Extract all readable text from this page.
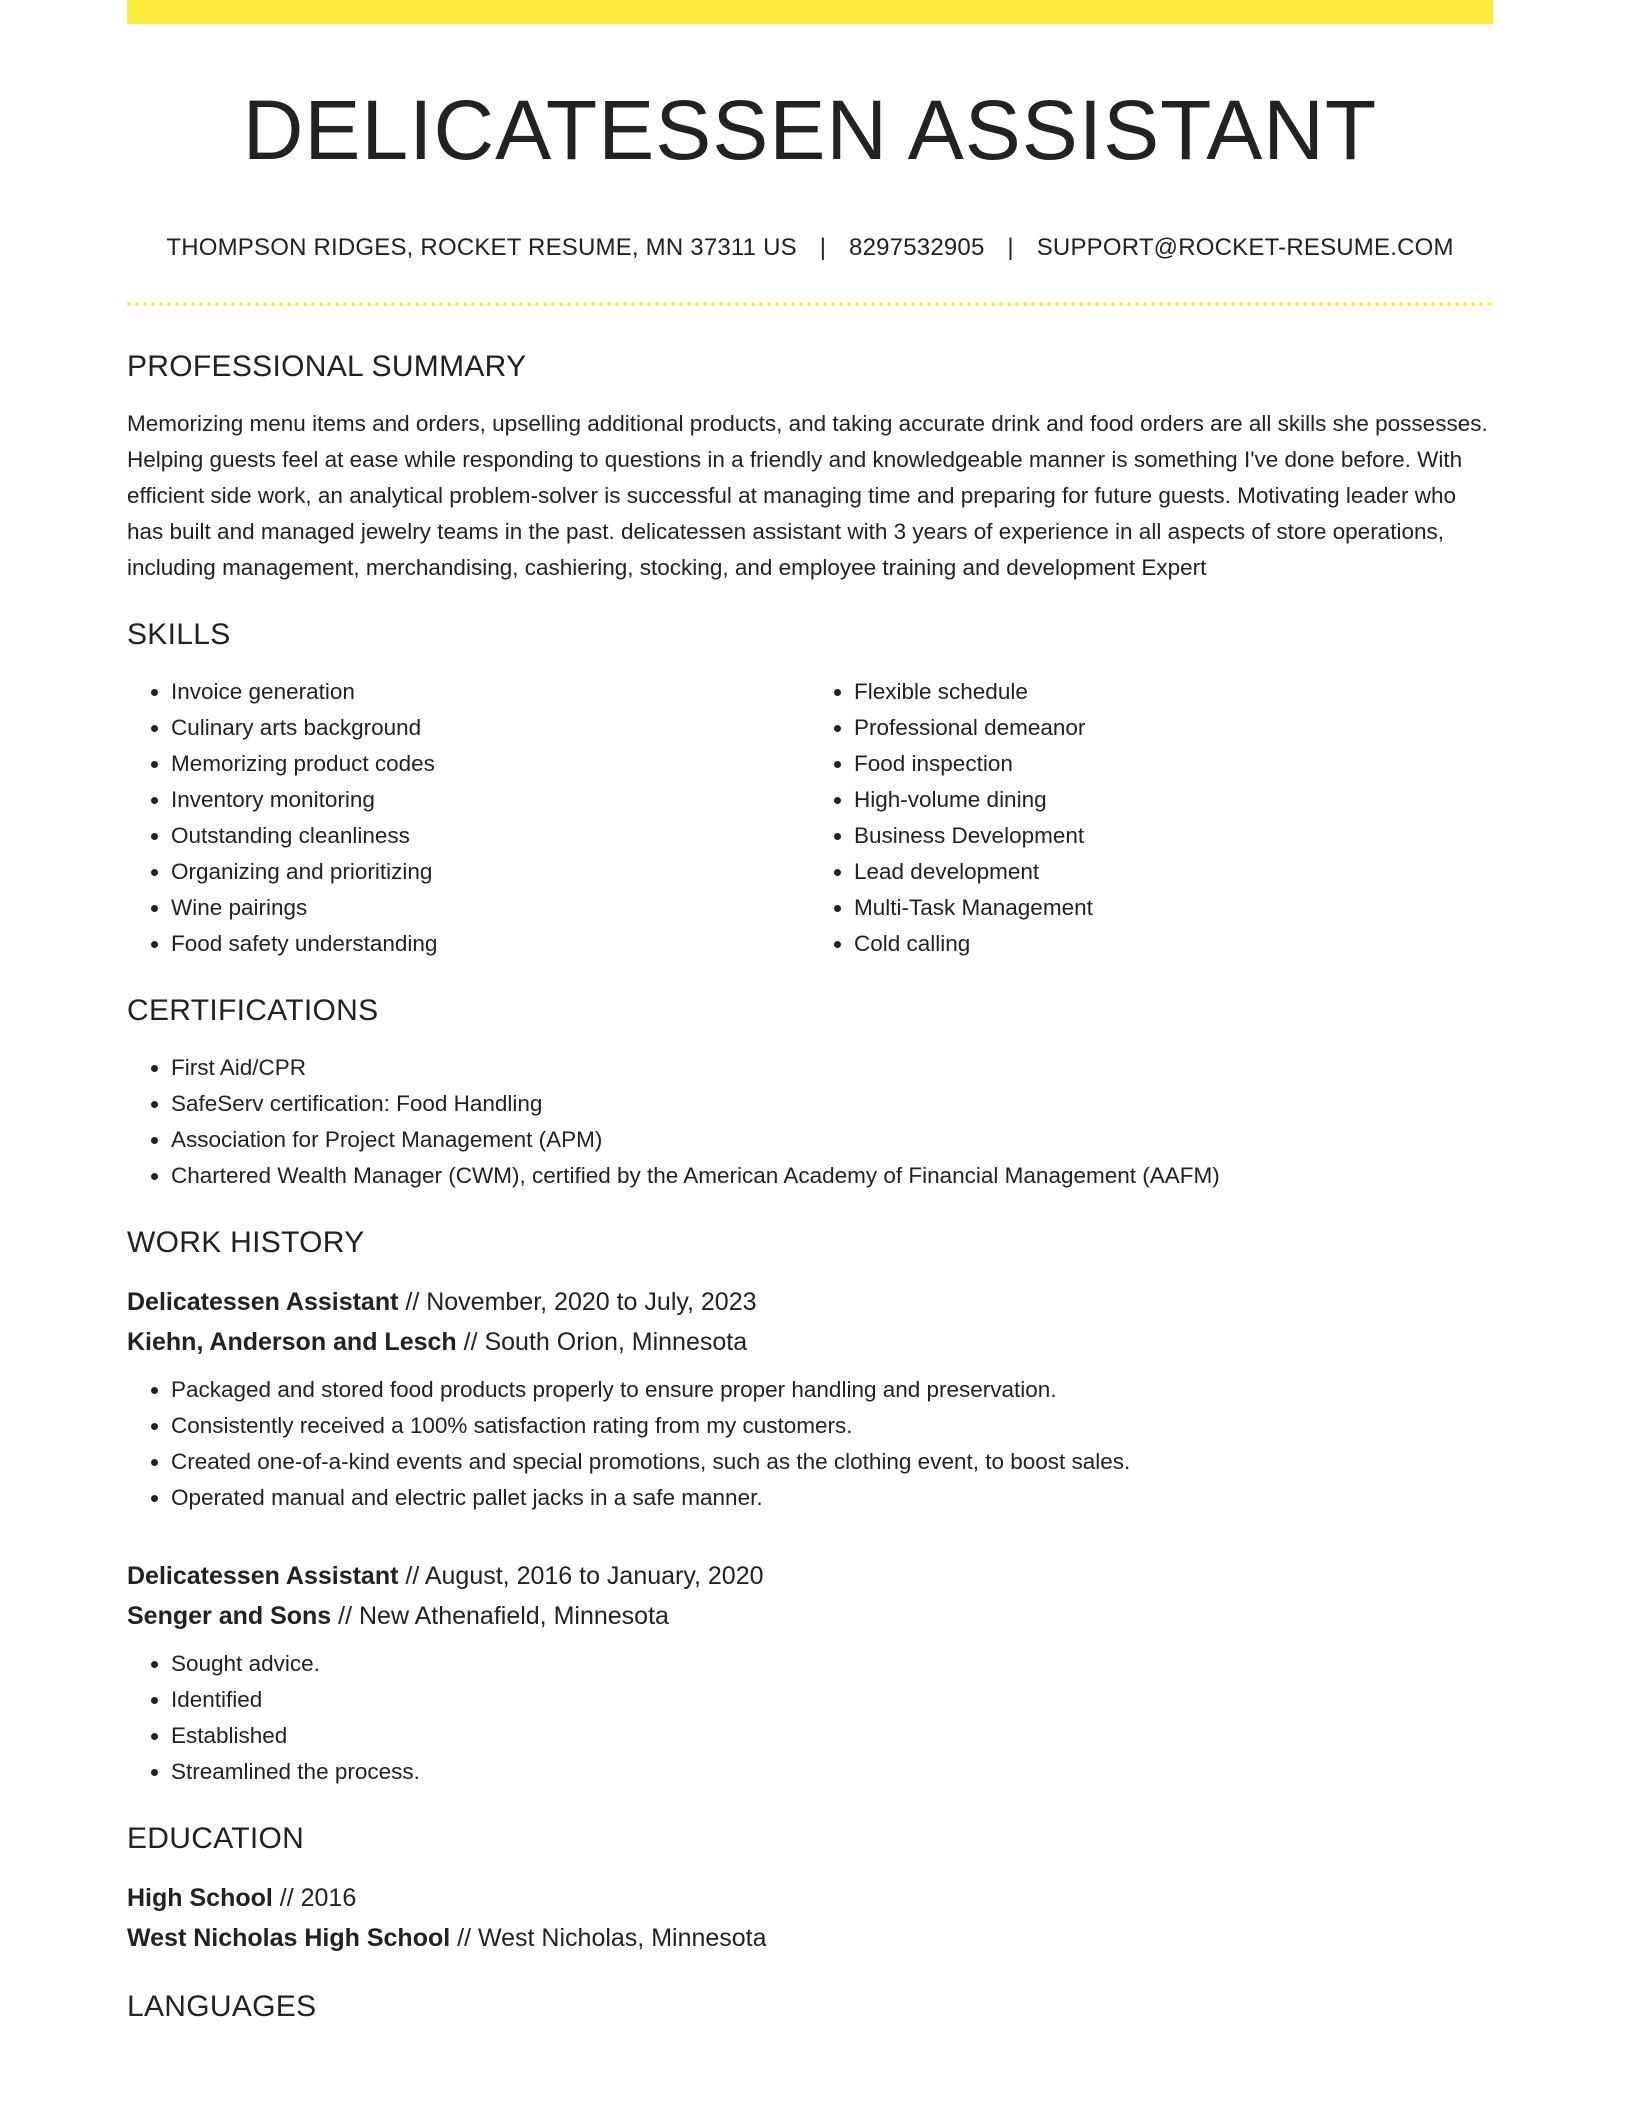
DELICATESSEN ASSISTANT
THOMPSON RIDGES, ROCKET RESUME, MN 37311 US | 8297532905 | SUPPORT@ROCKET-RESUME.COM
PROFESSIONAL SUMMARY
Memorizing menu items and orders, upselling additional products, and taking accurate drink and food orders are all skills she possesses. Helping guests feel at ease while responding to questions in a friendly and knowledgeable manner is something I've done before. With efficient side work, an analytical problem-solver is successful at managing time and preparing for future guests. Motivating leader who has built and managed jewelry teams in the past. delicatessen assistant with 3 years of experience in all aspects of store operations, including management, merchandising, cashiering, stocking, and employee training and development Expert
SKILLS
• Invoice generation
• Culinary arts background
• Memorizing product codes
• Inventory monitoring
• Outstanding cleanliness
• Organizing and prioritizing
• Wine pairings
• Food safety understanding
• Flexible schedule
• Professional demeanor
• Food inspection
• High-volume dining
• Business Development
• Lead development
• Multi-Task Management
• Cold calling
CERTIFICATIONS
• First Aid/CPR
• SafeServ certification: Food Handling
• Association for Project Management (APM)
• Chartered Wealth Manager (CWM), certified by the American Academy of Financial Management (AAFM)
WORK HISTORY
Delicatessen Assistant // November, 2020 to July, 2023
Kiehn, Anderson and Lesch // South Orion, Minnesota
• Packaged and stored food products properly to ensure proper handling and preservation.
• Consistently received a 100% satisfaction rating from my customers.
• Created one-of-a-kind events and special promotions, such as the clothing event, to boost sales.
• Operated manual and electric pallet jacks in a safe manner.
Delicatessen Assistant // August, 2016 to January, 2020
Senger and Sons // New Athenafield, Minnesota
• Sought advice.
• Identified
• Established
• Streamlined the process.
EDUCATION
High School // 2016
West Nicholas High School // West Nicholas, Minnesota
LANGUAGES
